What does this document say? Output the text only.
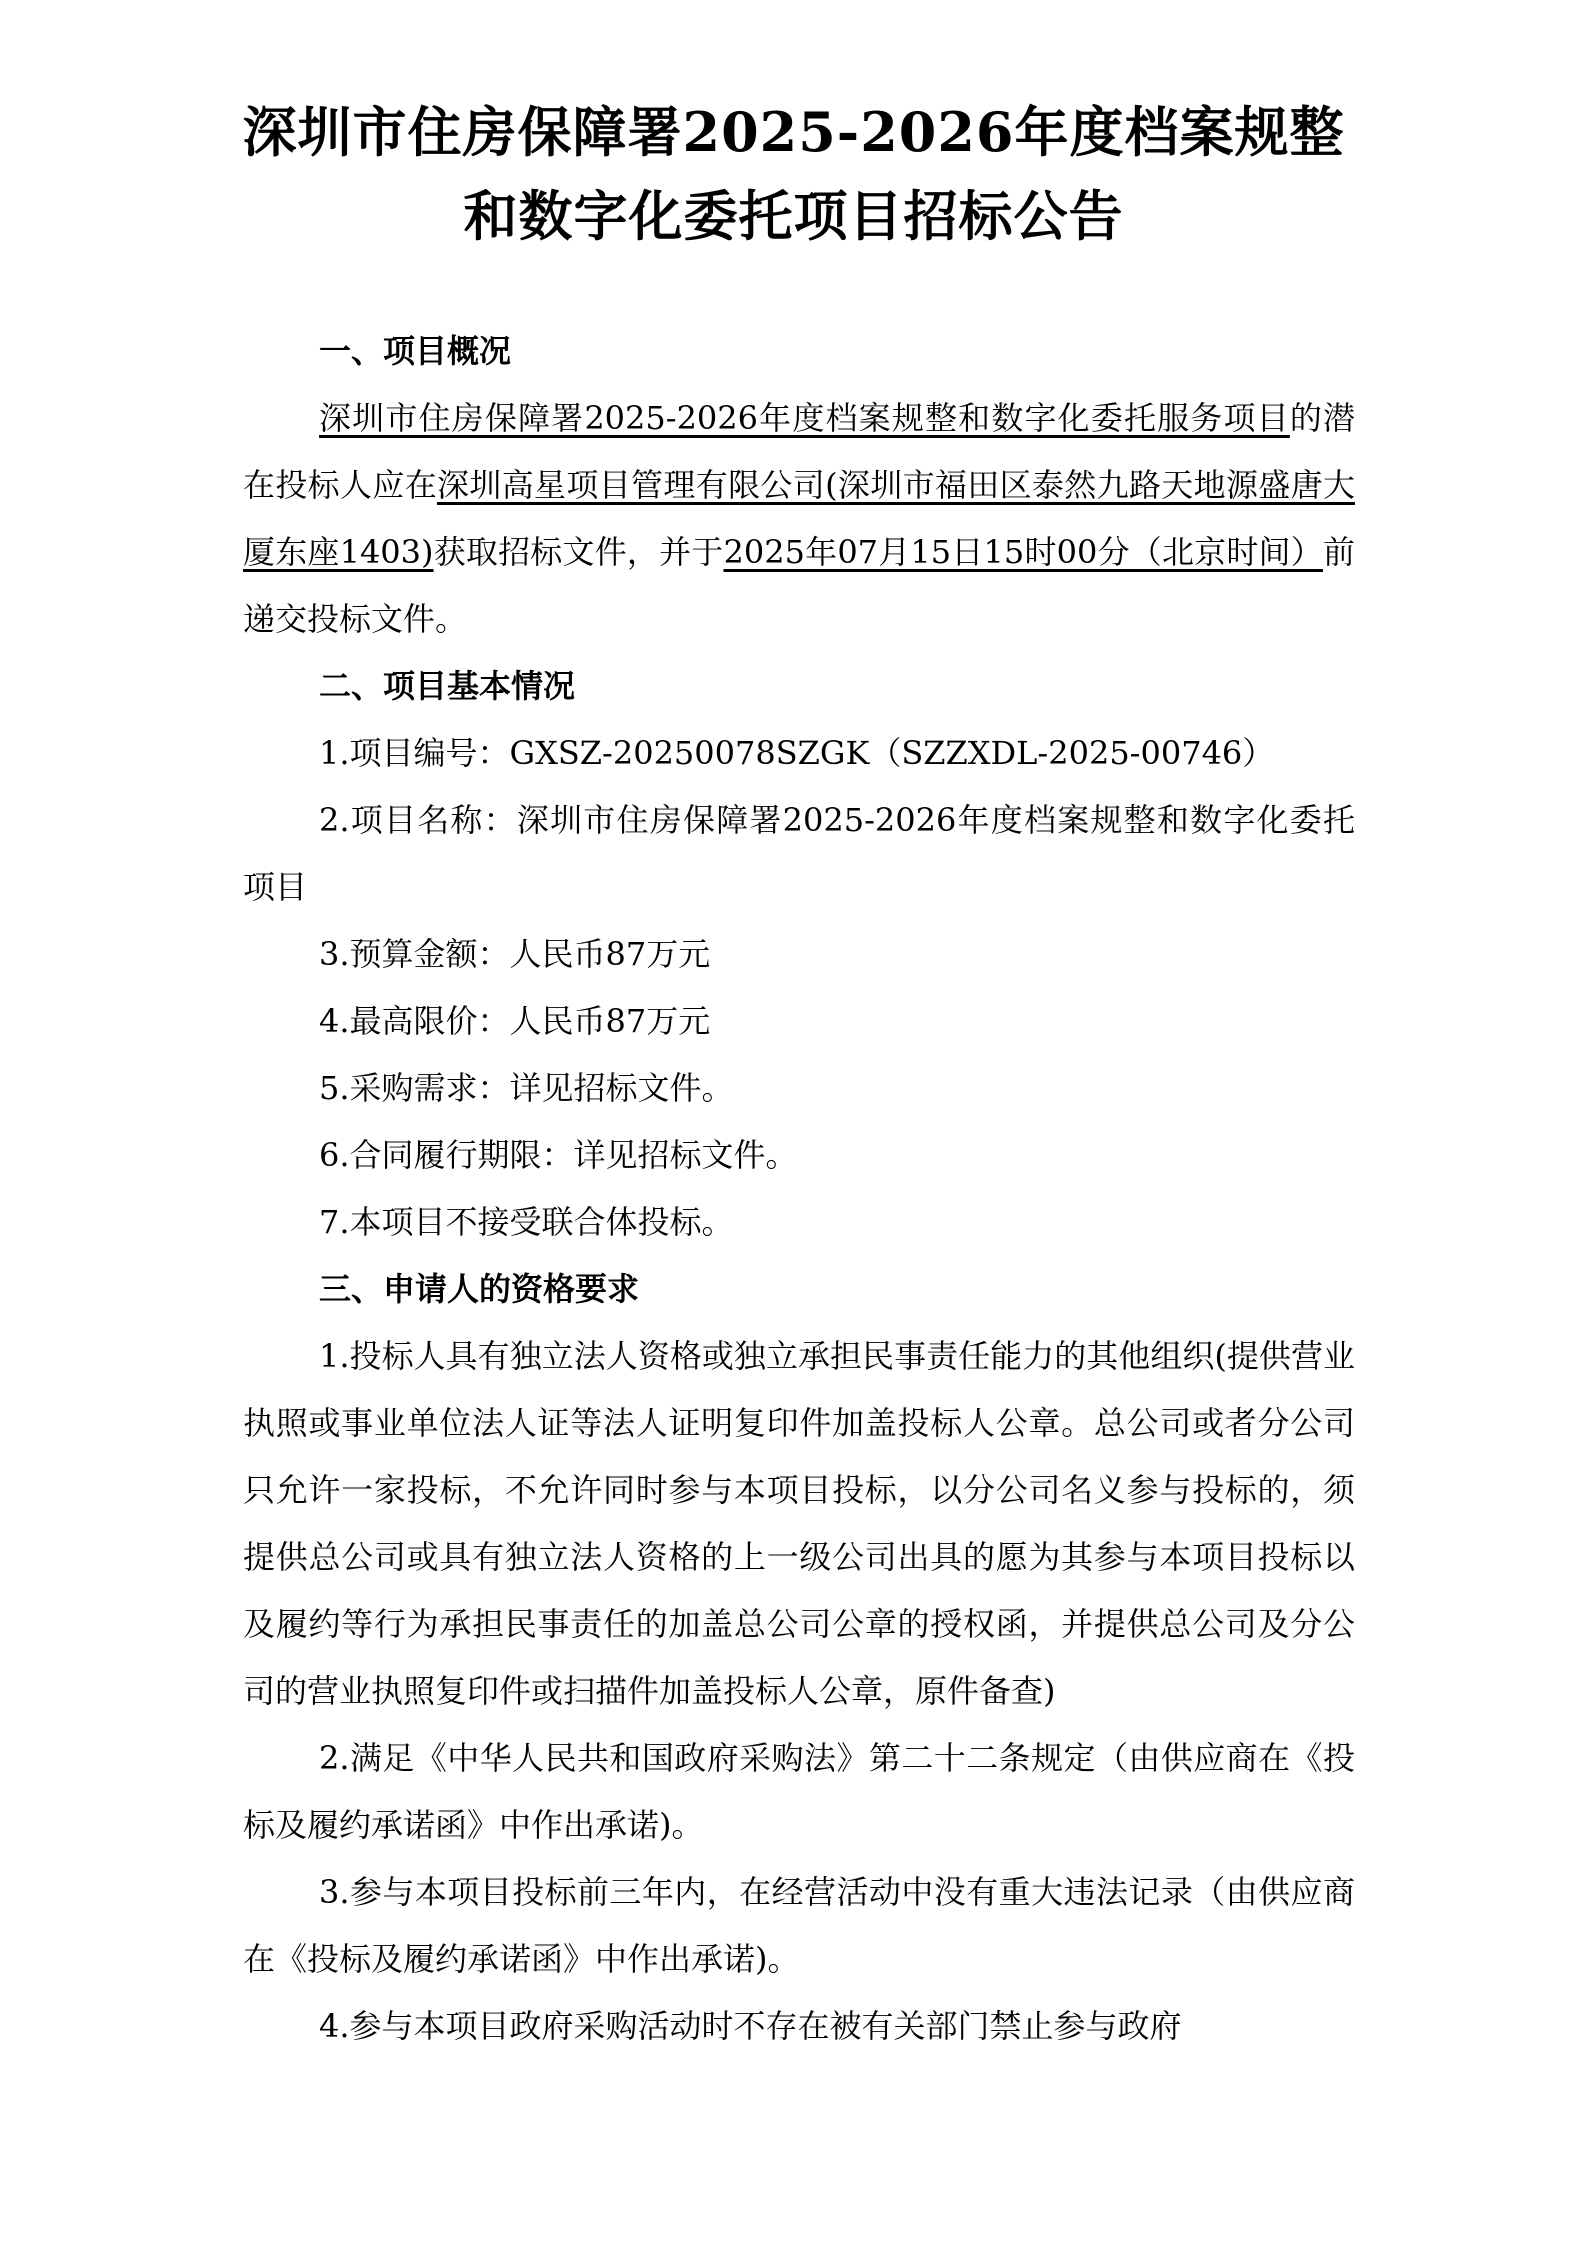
深圳市住房保障署2025-2026年度档案规整
和数字化委托项目招标公告
一、项目概况

深圳市住房保障署2025-2026年度档案规整和数字化委托服务项目的潜在投标人应在深圳高星项目管理有限公司(深圳市福田区泰然九路天地源盛唐大厦东座1403)获取招标文件，并于2025年07月15日15时00分（北京时间）前递交投标文件。

二、项目基本情况

1.项目编号：GXSZ-20250078SZGK（SZZXDL-2025-00746）

2.项目名称：深圳市住房保障署2025-2026年度档案规整和数字化委托项目

3.预算金额：人民币87万元

4.最高限价：人民币87万元

5.采购需求：详见招标文件。

6.合同履行期限：详见招标文件。

7.本项目不接受联合体投标。

三、申请人的资格要求

1.投标人具有独立法人资格或独立承担民事责任能力的其他组织(提供营业执照或事业单位法人证等法人证明复印件加盖投标人公章。总公司或者分公司只允许一家投标，不允许同时参与本项目投标，以分公司名义参与投标的，须提供总公司或具有独立法人资格的上一级公司出具的愿为其参与本项目投标以及履约等行为承担民事责任的加盖总公司公章的授权函，并提供总公司及分公司的营业执照复印件或扫描件加盖投标人公章，原件备查)

2.满足《中华人民共和国政府采购法》第二十二条规定（由供应商在《投标及履约承诺函》中作出承诺)。

3.参与本项目投标前三年内，在经营活动中没有重大违法记录（由供应商在《投标及履约承诺函》中作出承诺)。

4.参与本项目政府采购活动时不存在被有关部门禁止参与政府
